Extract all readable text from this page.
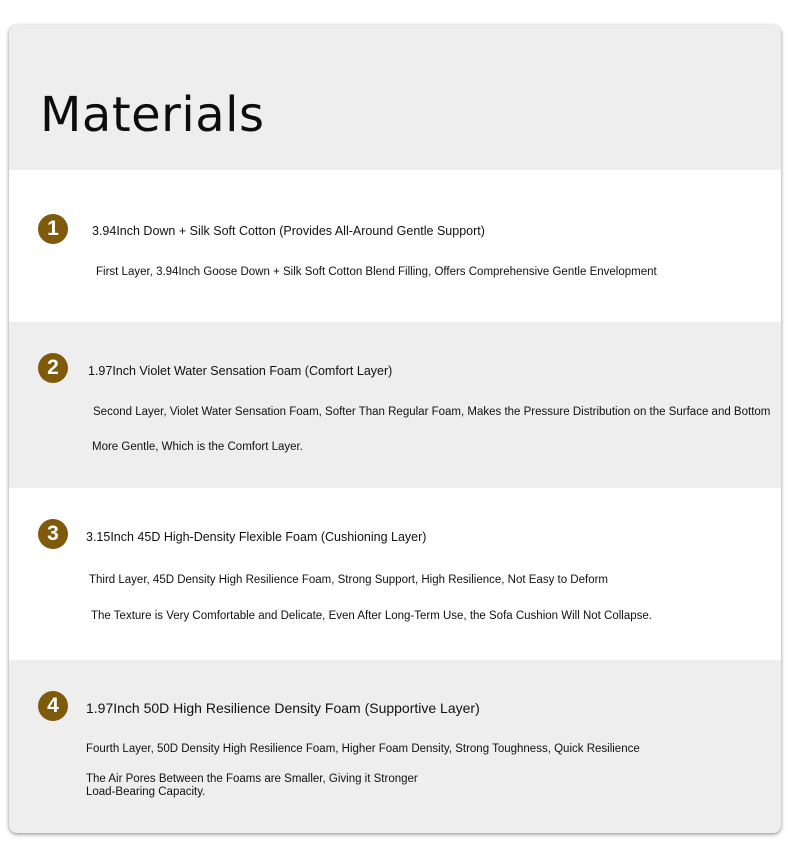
Materials
1	3.94Inch Down + Silk Soft Cotton (Provides All-Around Gentle Support)
First Layer, 3.94Inch Goose Down + Silk Soft Cotton Blend Filling, Offers Comprehensive Gentle Envelopment
2	1.97Inch Violet Water Sensation Foam (Comfort Layer)
Second Layer, Violet Water Sensation Foam, Softer Than Regular Foam, Makes the Pressure Distribution on the Surface and Bottom
More Gentle, Which is the Comfort Layer.
3	3.15Inch 45D High-Density Flexible Foam (Cushioning Layer)
Third Layer, 45D Density High Resilience Foam, Strong Support, High Resilience, Not Easy to Deform
The Texture is Very Comfortable and Delicate, Even After Long-Term Use, the Sofa Cushion Will Not Collapse.
4	1.97Inch 50D High Resilience Density Foam (Supportive Layer)
Fourth Layer, 50D Density High Resilience Foam, Higher Foam Density, Strong Toughness, Quick Resilience
The Air Pores Between the Foams are Smaller, Giving it Stronger
Load-Bearing Capacity.
